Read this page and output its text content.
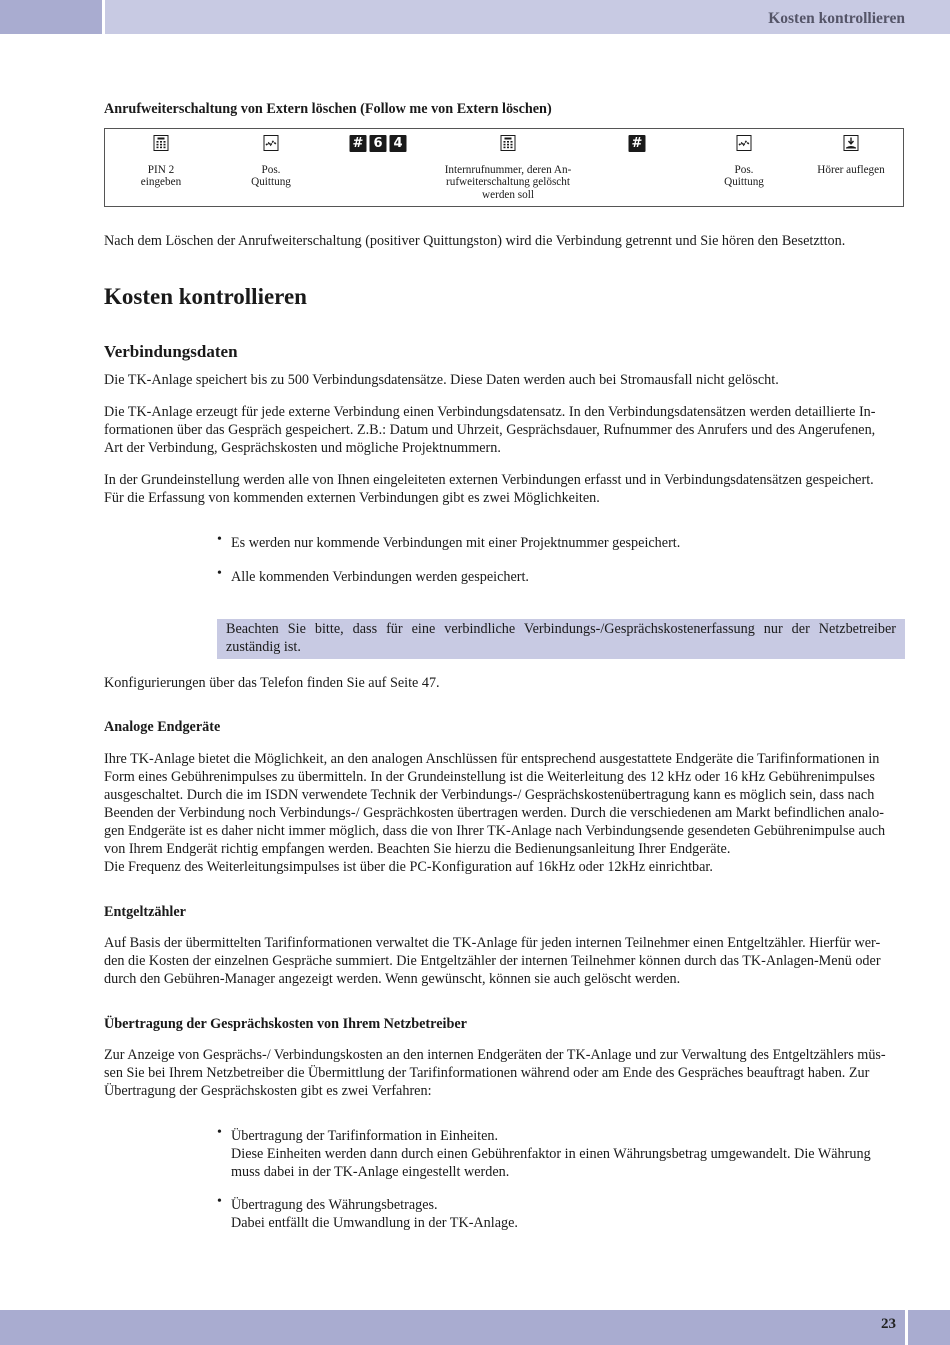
Kosten kontrollieren
Anrufweiterschaltung von Extern löschen (Follow me von Extern löschen)
PIN 2
eingeben
Pos.
Quittung
# 6 4
Internrufnummer, deren An-
rufweiterschaltung gelöscht
werden soll
#
Pos.
Quittung
Hörer auflegen

Nach dem Löschen der Anrufweiterschaltung (positiver Quittungston) wird die Verbindung getrennt und Sie hören den Besetztton.

Kosten kontrollieren
Verbindungsdaten

Die TK-Anlage speichert bis zu 500 Verbindungsdatensätze. Diese Daten werden auch bei Stromausfall nicht gelöscht.

Die TK-Anlage erzeugt für jede externe Verbindung einen Verbindungsdatensatz. In den Verbindungsdatensätzen werden detaillierte In-
formationen über das Gespräch gespeichert. Z.B.: Datum und Uhrzeit, Gesprächsdauer, Rufnummer des Anrufers und des Angerufenen,
Art der Verbindung, Gesprächskosten und mögliche Projektnummern.

In der Grundeinstellung werden alle von Ihnen eingeleiteten externen Verbindungen erfasst und in Verbindungsdatensätzen gespeichert.
Für die Erfassung von kommenden externen Verbindungen gibt es zwei Möglichkeiten.

• Es werden nur kommende Verbindungen mit einer Projektnummer gespeichert.

• Alle kommenden Verbindungen werden gespeichert.

Beachten Sie bitte, dass für eine verbindliche Verbindungs-/Gesprächskostenerfassung nur der Netzbetreiber zuständig ist.

Konfigurierungen über das Telefon finden Sie auf Seite 47.

Analoge Endgeräte

Ihre TK-Anlage bietet die Möglichkeit, an den analogen Anschlüssen für entsprechend ausgestattete Endgeräte die Tarifinformationen in
Form eines Gebührenimpulses zu übermitteln. In der Grundeinstellung ist die Weiterleitung des 12 kHz oder 16 kHz Gebührenimpulses
ausgeschaltet. Durch die im ISDN verwendete Technik der Verbindungs-/ Gesprächskostenübertragung kann es möglich sein, dass nach
Beenden der Verbindung noch Verbindungs-/ Gesprächkosten übertragen werden. Durch die verschiedenen am Markt befindlichen analo-
gen Endgeräte ist es daher nicht immer möglich, dass die von Ihrer TK-Anlage nach Verbindungsende gesendeten Gebührenimpulse auch
von Ihrem Endgerät richtig empfangen werden. Beachten Sie hierzu die Bedienungsanleitung Ihrer Endgeräte.

Die Frequenz des Weiterleitungsimpulses ist über die PC-Konfiguration auf 16kHz oder 12kHz einrichtbar.

Entgeltzähler

Auf Basis der übermittelten Tarifinformationen verwaltet die TK-Anlage für jeden internen Teilnehmer einen Entgeltzähler. Hierfür wer-
den die Kosten der einzelnen Gespräche summiert. Die Entgeltzähler der internen Teilnehmer können durch das TK-Anlagen-Menü oder
durch den Gebühren-Manager angezeigt werden. Wenn gewünscht, können sie auch gelöscht werden.

Übertragung der Gesprächskosten von Ihrem Netzbetreiber

Zur Anzeige von Gesprächs-/ Verbindungskosten an den internen Endgeräten der TK-Anlage und zur Verwaltung des Entgeltzählers müs-
sen Sie bei Ihrem Netzbetreiber die Übermittlung der Tarifinformationen während oder am Ende des Gespräches beauftragt haben. Zur
Übertragung der Gesprächskosten gibt es zwei Verfahren:

• Übertragung der Tarifinformation in Einheiten.
Diese Einheiten werden dann durch einen Gebührenfaktor in einen Währungsbetrag umgewandelt. Die Währung
muss dabei in der TK-Anlage eingestellt werden.

• Übertragung des Währungsbetrages.
Dabei entfällt die Umwandlung in der TK-Anlage.

23
